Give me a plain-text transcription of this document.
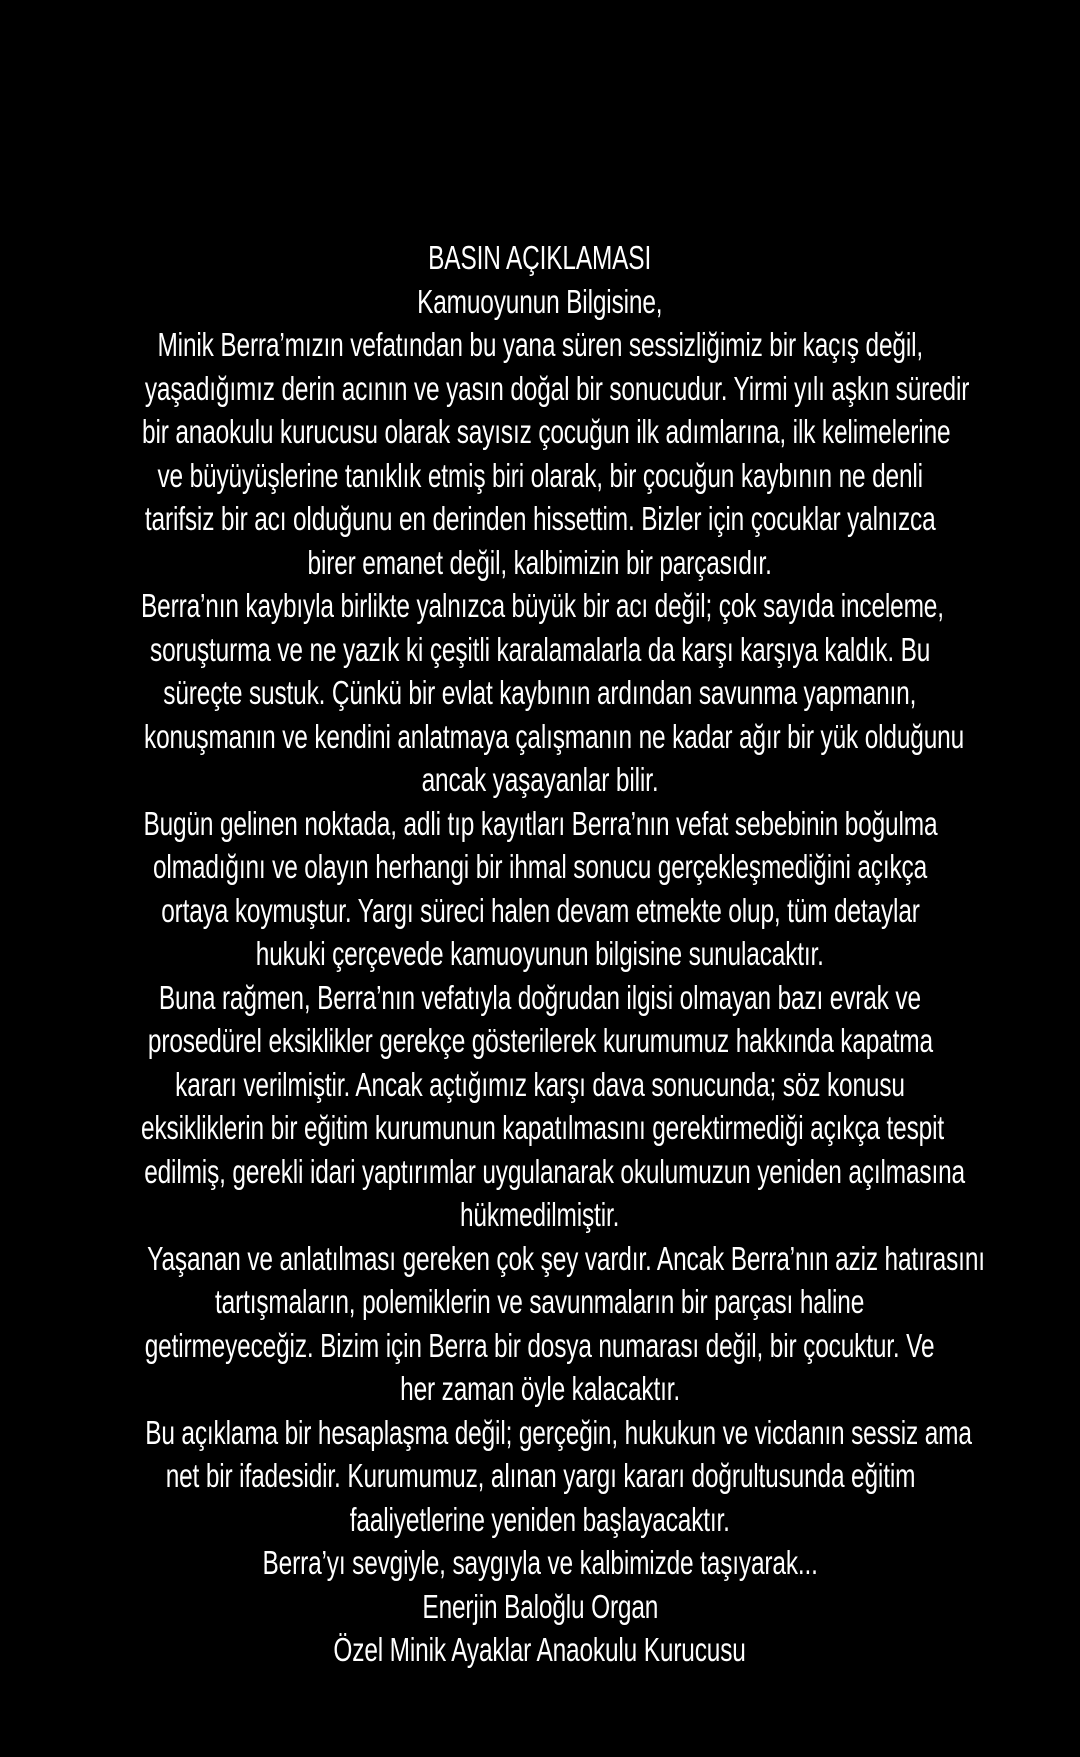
BASIN AÇIKLAMASI
Kamuoyunun Bilgisine,
Minik Berra’mızın vefatından bu yana süren sessizliğimiz bir kaçış değil,
yaşadığımız derin acının ve yasın doğal bir sonucudur. Yirmi yılı aşkın süredir
bir anaokulu kurucusu olarak sayısız çocuğun ilk adımlarına, ilk kelimelerine
ve büyüyüşlerine tanıklık etmiş biri olarak, bir çocuğun kaybının ne denli
tarifsiz bir acı olduğunu en derinden hissettim. Bizler için çocuklar yalnızca
birer emanet değil, kalbimizin bir parçasıdır.
Berra’nın kaybıyla birlikte yalnızca büyük bir acı değil; çok sayıda inceleme,
soruşturma ve ne yazık ki çeşitli karalamalarla da karşı karşıya kaldık. Bu
süreçte sustuk. Çünkü bir evlat kaybının ardından savunma yapmanın,
konuşmanın ve kendini anlatmaya çalışmanın ne kadar ağır bir yük olduğunu
ancak yaşayanlar bilir.
Bugün gelinen noktada, adli tıp kayıtları Berra’nın vefat sebebinin boğulma
olmadığını ve olayın herhangi bir ihmal sonucu gerçekleşmediğini açıkça
ortaya koymuştur. Yargı süreci halen devam etmekte olup, tüm detaylar
hukuki çerçevede kamuoyunun bilgisine sunulacaktır.
Buna rağmen, Berra’nın vefatıyla doğrudan ilgisi olmayan bazı evrak ve
prosedürel eksiklikler gerekçe gösterilerek kurumumuz hakkında kapatma
kararı verilmiştir. Ancak açtığımız karşı dava sonucunda; söz konusu
eksikliklerin bir eğitim kurumunun kapatılmasını gerektirmediği açıkça tespit
edilmiş, gerekli idari yaptırımlar uygulanarak okulumuzun yeniden açılmasına
hükmedilmiştir.
Yaşanan ve anlatılması gereken çok şey vardır. Ancak Berra’nın aziz hatırasını
tartışmaların, polemiklerin ve savunmaların bir parçası haline
getirmeyeceğiz. Bizim için Berra bir dosya numarası değil, bir çocuktur. Ve
her zaman öyle kalacaktır.
Bu açıklama bir hesaplaşma değil; gerçeğin, hukukun ve vicdanın sessiz ama
net bir ifadesidir. Kurumumuz, alınan yargı kararı doğrultusunda eğitim
faaliyetlerine yeniden başlayacaktır.
Berra’yı sevgiyle, saygıyla ve kalbimizde taşıyarak...
Enerjin Baloğlu Organ
Özel Minik Ayaklar Anaokulu Kurucusu
